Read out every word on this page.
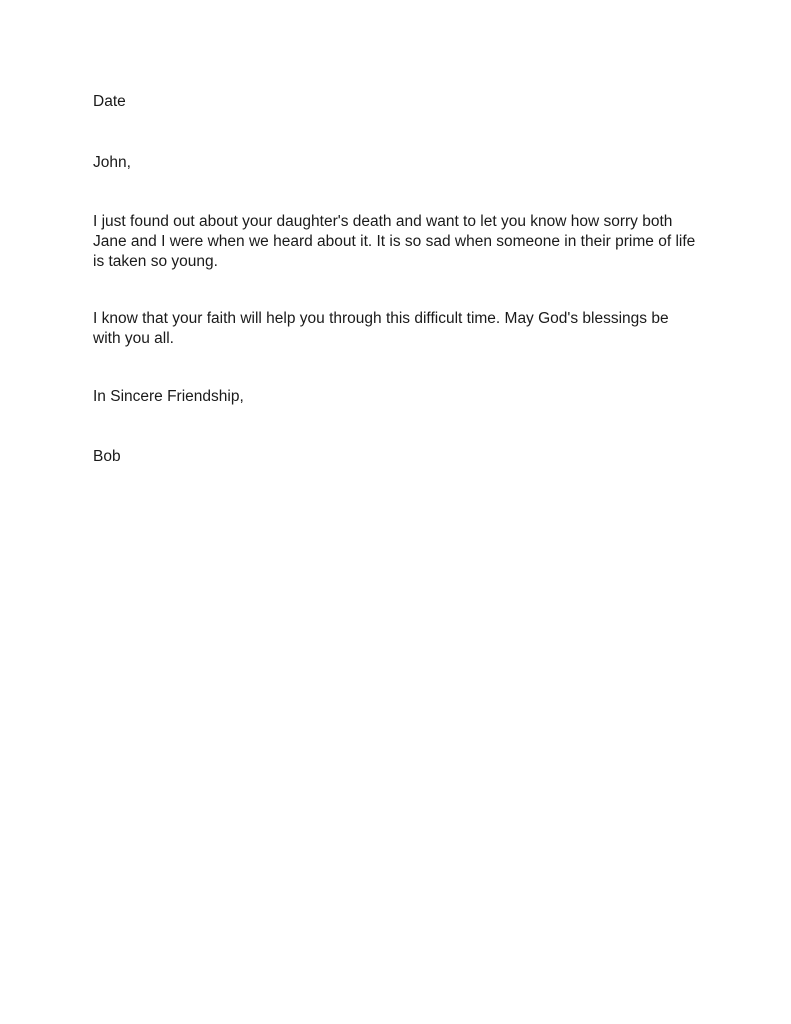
Date

John,

I just found out about your daughter's death and want to let you know how sorry both
Jane and I were when we heard about it. It is so sad when someone in their prime of life
is taken so young.

I know that your faith will help you through this difficult time. May God's blessings be
with you all.

In Sincere Friendship,

Bob
